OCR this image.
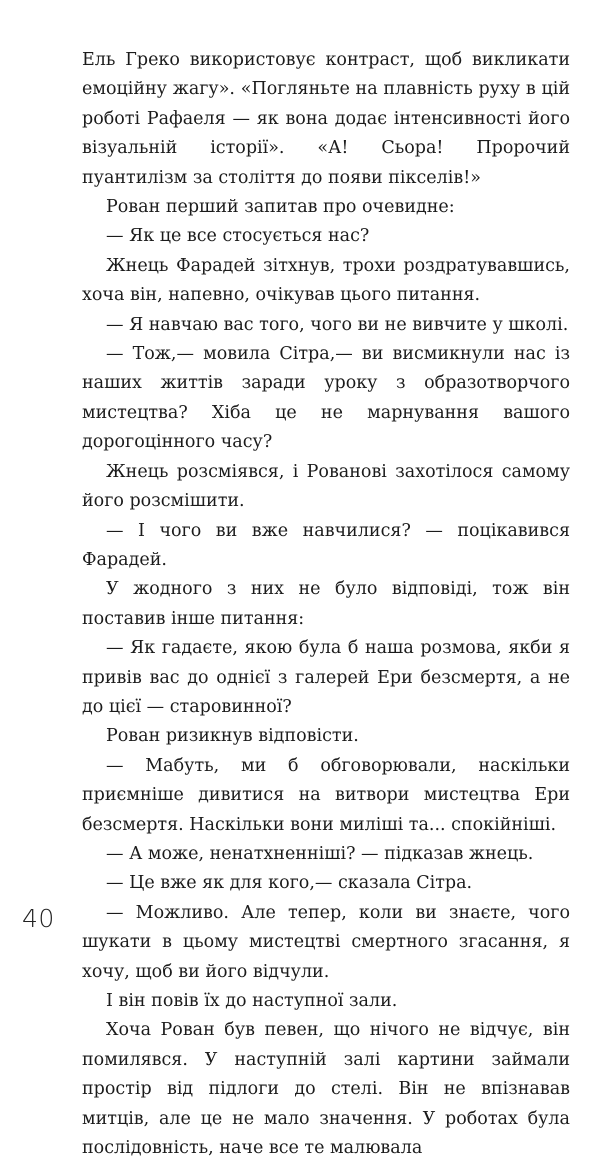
Ель Греко використовує контраст, щоб викликати емоційну жагу». «Погляньте на плавність руху в цій роботі Рафаеля — як вона додає інтенсивності його візуальній історії». «А! Сьора! Пророчий пуантилізм за століття до появи пікселів!»

Рован перший запитав про очевидне:

— Як це все стосується нас?

Жнець Фарадей зітхнув, трохи роздратувавшись, хоча він, напевно, очікував цього питання.

— Я навчаю вас того, чого ви не вивчите у школі.

— Тож,— мовила Сітра,— ви висмикнули нас із наших життів заради уроку з образотворчого мистецтва? Хіба це не марнування вашого дорогоцінного часу?

Жнець розсміявся, і Рованові захотілося самому його розсмішити.

— І чого ви вже навчилися? — поцікавився Фарадей.

У жодного з них не було відповіді, тож він поставив інше питання:

— Як гадаєте, якою була б наша розмова, якби я привів вас до однієї з галерей Ери безсмертя, а не до цієї — старовинної?

Рован ризикнув відповісти.

— Мабуть, ми б обговорювали, наскільки приємніше дивитися на витвори мистецтва Ери безсмертя. Наскільки вони миліші та... спокійніші.

— А може, ненатхненніші? — підказав жнець.

— Це вже як для кого,— сказала Сітра.

— Можливо. Але тепер, коли ви знаєте, чого шукати в цьому мистецтві смертного згасання, я хочу, щоб ви його відчули.

І він повів їх до наступної зали.

Хоча Рован був певен, що нічого не відчує, він помилявся. У наступній залі картини займали простір від підлоги до стелі. Він не впізнавав митців, але це не мало значення. У роботах була послідовність, наче все те малювала

40
